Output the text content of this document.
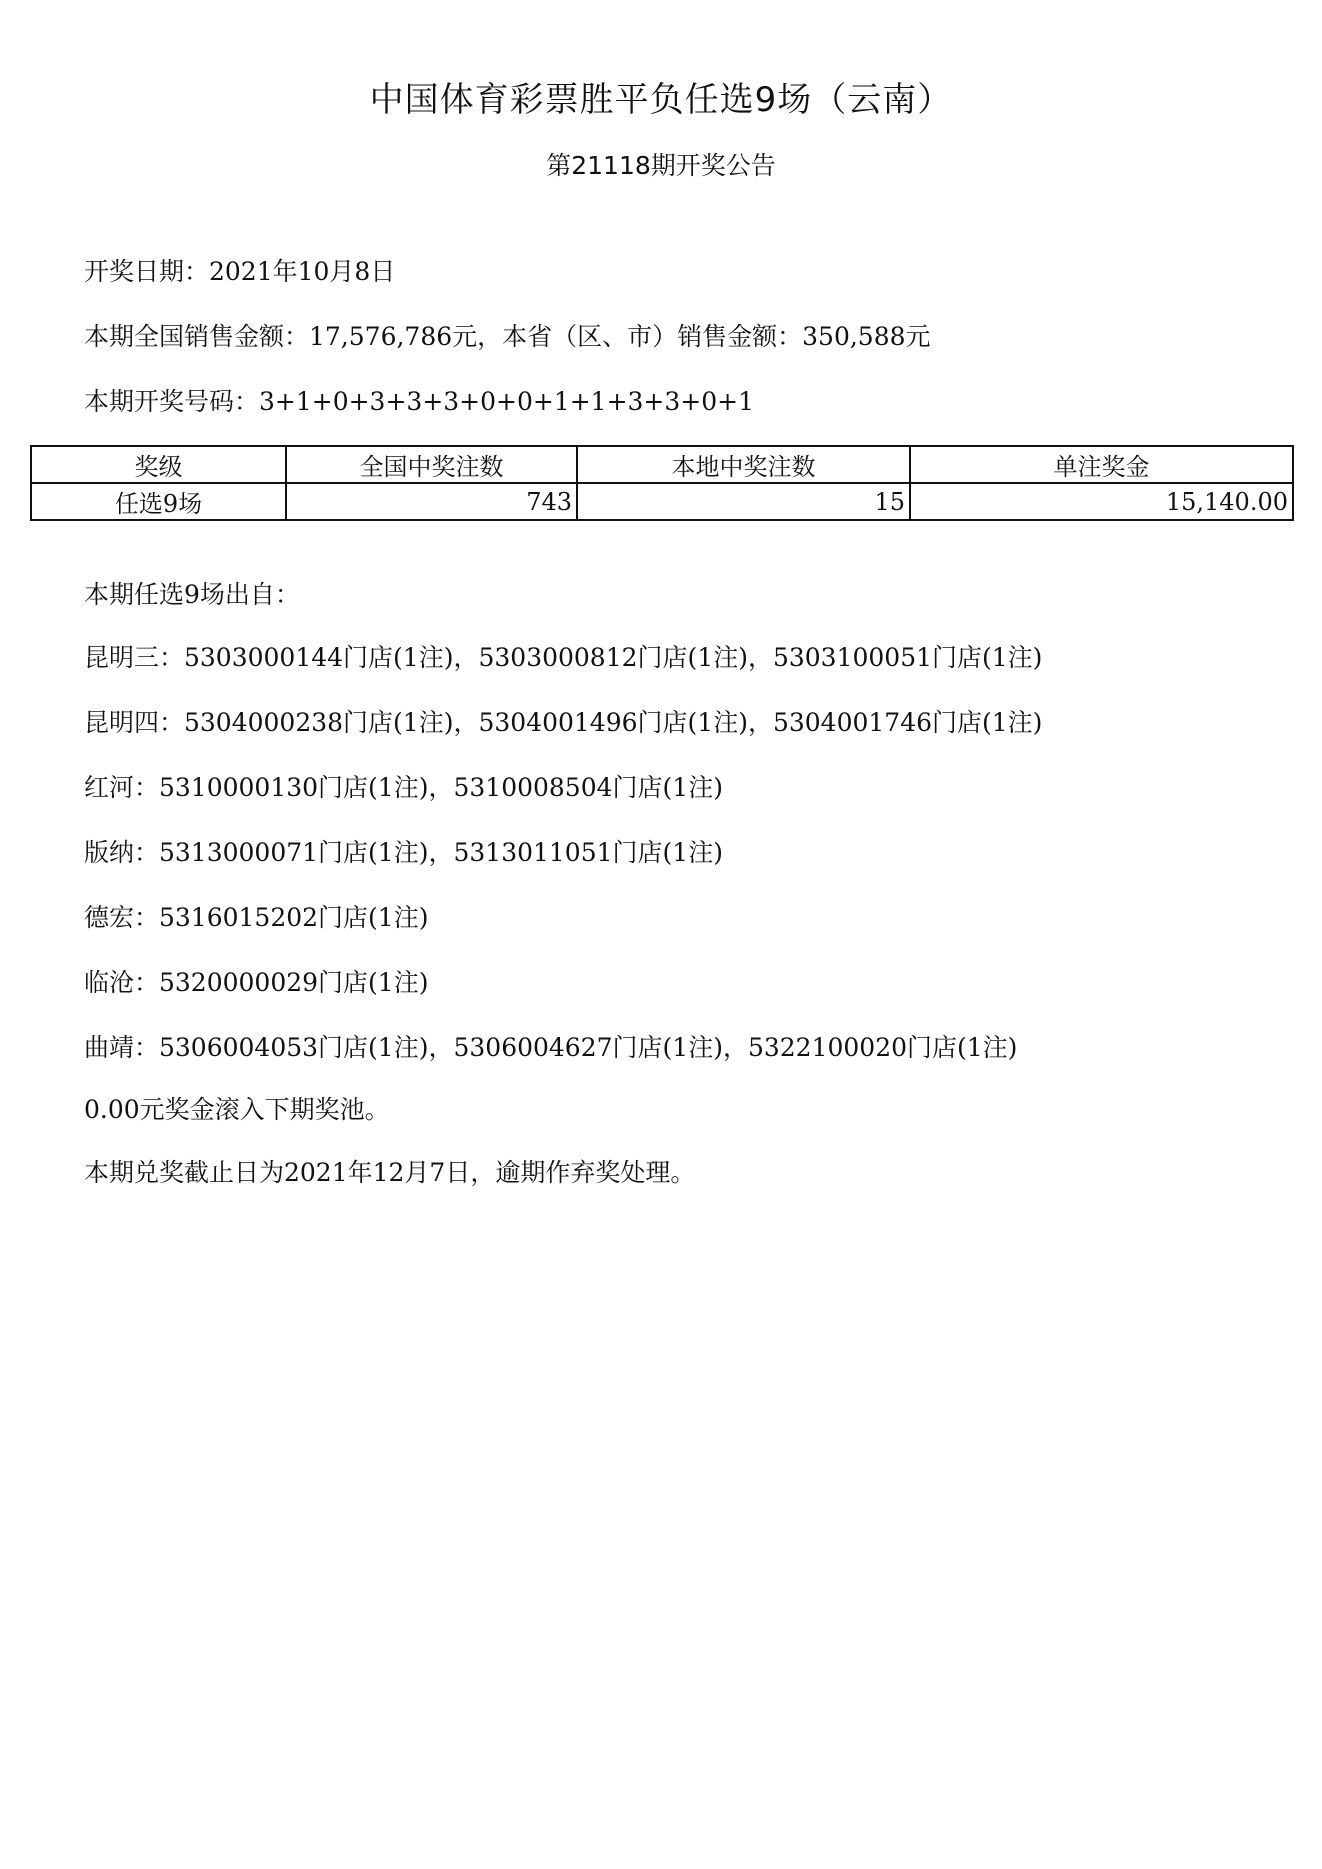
中国体育彩票胜平负任选9场（云南）
第21118期开奖公告
开奖日期：2021年10月8日
本期全国销售金额：17,576,786元，本省（区、市）销售金额：350,588元
本期开奖号码：3+1+0+3+3+3+0+0+1+1+3+3+0+1
奖级	全国中奖注数	本地中奖注数	单注奖金
任选9场	743	15	15,140.00
本期任选9场出自：
昆明三：5303000144门店(1注)，5303000812门店(1注)，5303100051门店(1注)
昆明四：5304000238门店(1注)，5304001496门店(1注)，5304001746门店(1注)
红河：5310000130门店(1注)，5310008504门店(1注)
版纳：5313000071门店(1注)，5313011051门店(1注)
德宏：5316015202门店(1注)
临沧：5320000029门店(1注)
曲靖：5306004053门店(1注)，5306004627门店(1注)，5322100020门店(1注)
0.00元奖金滚入下期奖池。
本期兑奖截止日为2021年12月7日，逾期作弃奖处理。
